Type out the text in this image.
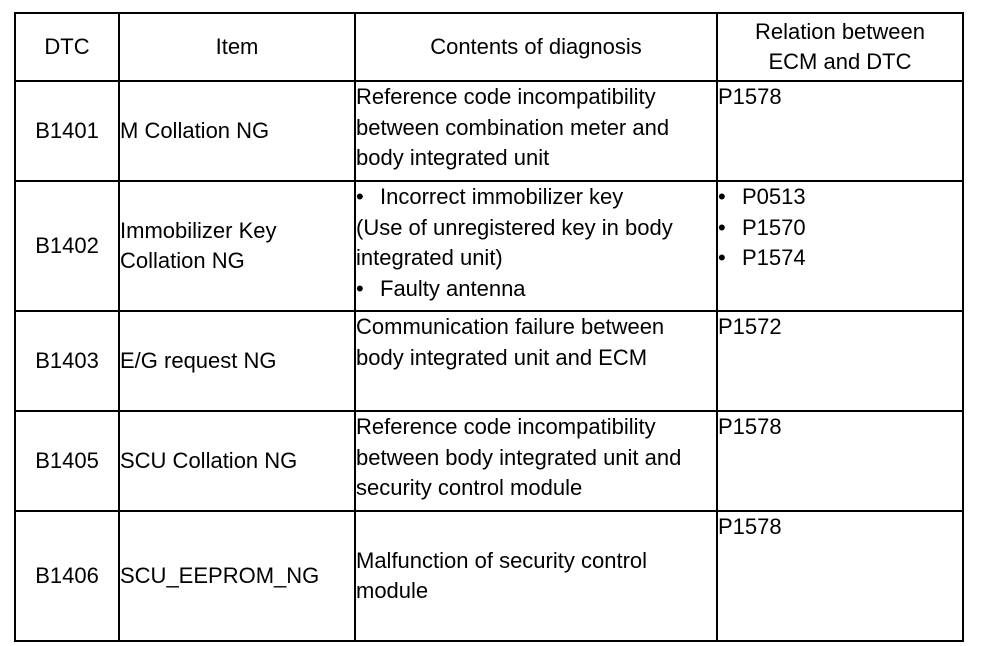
DTC	Item	Contents of diagnosis	Relation between
ECM and DTC

B1401	M Collation NG	Reference code incompatibility between combination meter and body integrated unit	P1578
B1402	Immobilizer Key Collation NG	• Incorrect immobilizer key
(Use of unregistered key in body integrated unit)
• Faulty antenna	• P0513
• P1570
• P1574

B1403	E/G request NG	Communication failure between body integrated unit and ECM	P1572
B1405	SCU Collation NG	Reference code incompatibility between body integrated unit and security control module	P1578
B1406	SCU_EEPROM_NG	Malfunction of security control module	P1578
